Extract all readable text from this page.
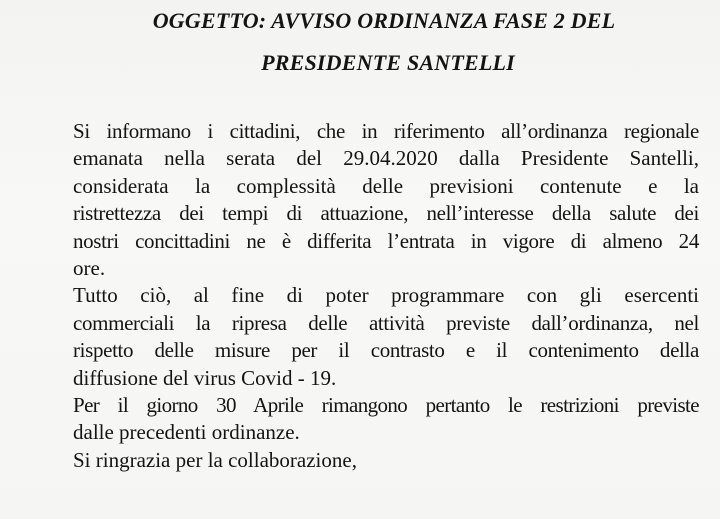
OGGETTO: AVVISO ORDINANZA FASE 2 DEL
PRESIDENTE SANTELLI

Si informano i cittadini, che in riferimento all’ordinanza regionale
emanata nella serata del 29.04.2020 dalla Presidente Santelli,
considerata la complessità delle previsioni contenute e la
ristrettezza dei tempi di attuazione, nell’interesse della salute dei
nostri concittadini ne è differita l’entrata in vigore di almeno 24
ore.

Tutto ciò, al fine di poter programmare con gli esercenti
commerciali la ripresa delle attività previste dall’ordinanza, nel
rispetto delle misure per il contrasto e il contenimento della
diffusione del virus Covid - 19.

Per il giorno 30 Aprile rimangono pertanto le restrizioni previste
dalle precedenti ordinanze.

Si ringrazia per la collaborazione,
